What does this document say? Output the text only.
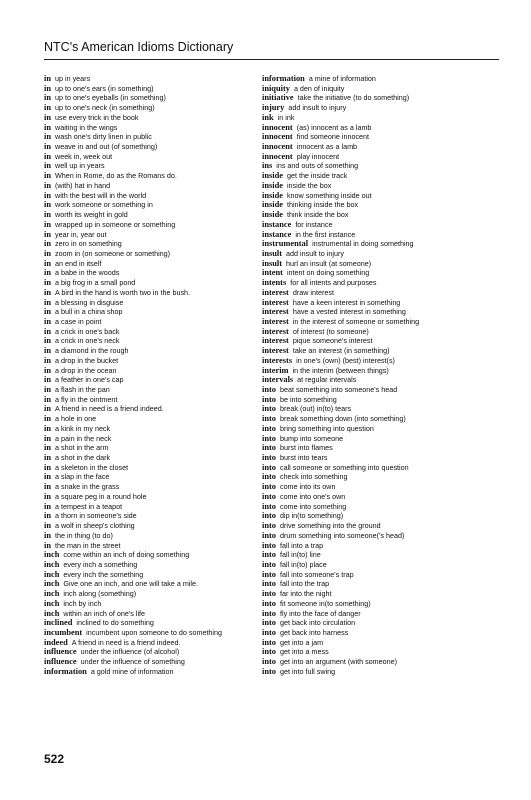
NTC's American Idioms Dictionary
in up in years
in up to one's ears (in something)
in up to one's eyeballs (in something)
in up to one's neck (in something)
in use every trick in the book
in waiting in the wings
in wash one's dirty linen in public
in weave in and out (of something)
in week in, week out
in well up in years
in When in Rome, do as the Romans do.
in (with) hat in hand
in with the best will in the world
in work someone or something in
in worth its weight in gold
in wrapped up in someone or something
in year in, year out
in zero in on something
in zoom in (on someone or something)
in an end in itself
in a babe in the woods
in a big frog in a small pond
in A bird in the hand is worth two in the bush.
in a blessing in disguise
in a bull in a china shop
in a case in point
in a crick in one's back
in a crick in one's neck
in a diamond in the rough
in a drop in the bucket
in a drop in the ocean
in a feather in one's cap
in a flash in the pan
in a fly in the ointment
in A friend in need is a friend indeed.
in a hole in one
in a kink in my neck
in a pain in the neck
in a shot in the arm
in a shot in the dark
in a skeleton in the closet
in a slap in the face
in a snake in the grass
in a square peg in a round hole
in a tempest in a teapot
in a thorn in someone's side
in a wolf in sheep's clothing
in the in thing (to do)
in the man in the street
inch come within an inch of doing something
inch every inch a something
inch every inch the something
inch Give one an inch, and one will take a mile.
inch inch along (something)
inch inch by inch
inch within an inch of one's life
inclined inclined to do something
incumbent incumbent upon someone to do something
indeed A friend in need is a friend indeed.
influence under the influence (of alcohol)
influence under the influence of something
information a gold mine of information
information a mine of information
iniquity a den of iniquity
initiative take the initiative (to do something)
injury add insult to injury
ink in ink
innocent (as) innocent as a lamb
innocent find someone innocent
innocent innocent as a lamb
innocent play innocent
ins ins and outs of something
inside get the inside track
inside inside the box
inside know something inside out
inside thinking inside the box
inside think inside the box
instance for instance
instance in the first instance
instrumental instrumental in doing something
insult add insult to injury
insult hurl an insult (at someone)
intent intent on doing something
intents for all intents and purposes
interest draw interest
interest have a keen interest in something
interest have a vested interest in something
interest in the interest of someone or something
interest of interest (to someone)
interest pique someone's interest
interest take an interest (in something)
interests in one's (own) (best) interest(s)
interim in the interim (between things)
intervals at regular intervals
into beat something into someone's head
into be into something
into break (out) in(to) tears
into break something down (into something)
into bring something into question
into bump into someone
into burst into flames
into burst into tears
into call someone or something into question
into check into something
into come into its own
into come into one's own
into come into something
into dip in(to something)
into drive something into the ground
into drum something into someone('s head)
into fall into a trap
into fall in(to) line
into fall in(to) place
into fall into someone's trap
into fall into the trap
into far into the night
into fit someone in(to something)
into fly into the face of danger
into get back into circulation
into get back into harness
into get into a jam
into get into a mess
into get into an argument (with someone)
into get into full swing
522
